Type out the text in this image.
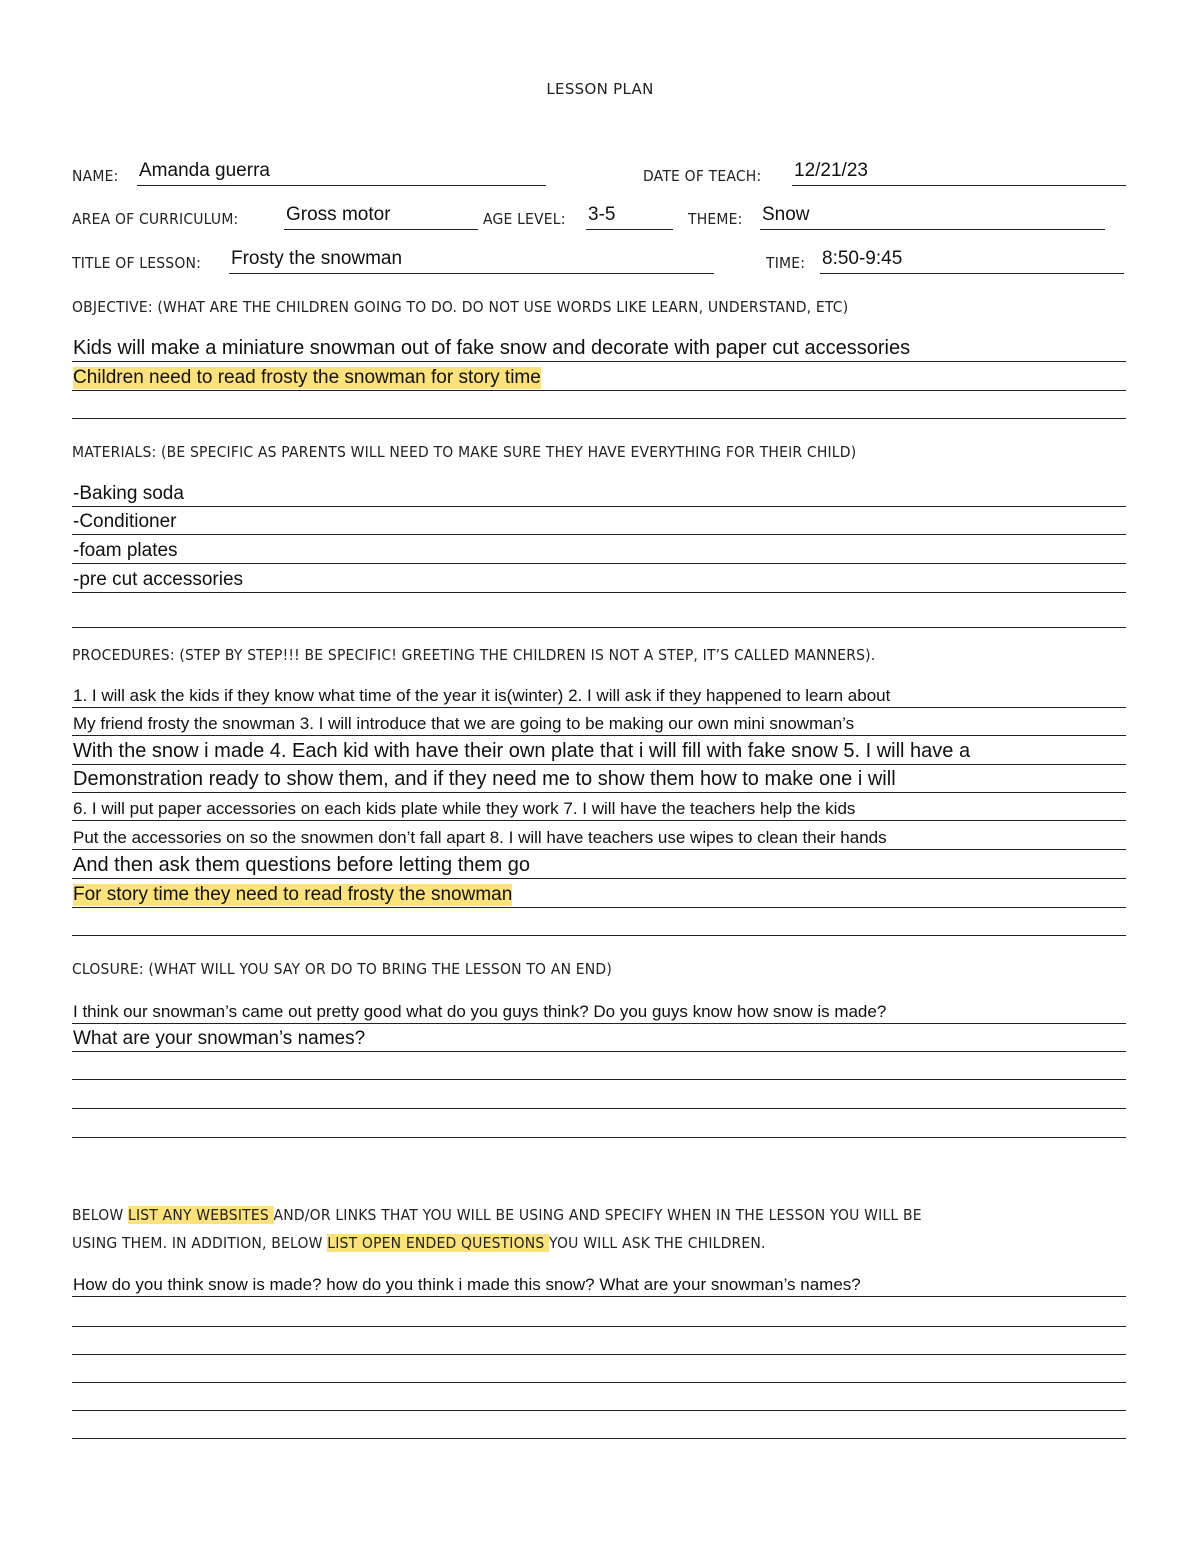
LESSON PLAN
NAME: Amanda guerra	DATE OF TEACH: 12/21/23
AREA OF CURRICULUM:	Gross motor	AGE LEVEL: 3-5	THEME: Snow
TITLE OF LESSON: Frosty the snowman	TIME: 8:50-9:45
OBJECTIVE: (WHAT ARE THE CHILDREN GOING TO DO. DO NOT USE WORDS LIKE LEARN, UNDERSTAND, ETC)
Kids will make a miniature snowman out of fake snow and decorate with paper cut accessories
Children need to read frosty the snowman for story time
MATERIALS: (BE SPECIFIC AS PARENTS WILL NEED TO MAKE SURE THEY HAVE EVERYTHING FOR THEIR CHILD)
-Baking soda
-Conditioner
-foam plates
-pre cut accessories
PROCEDURES: (STEP BY STEP!!! BE SPECIFIC! GREETING THE CHILDREN IS NOT A STEP, IT’S CALLED MANNERS).
1. I will ask the kids if they know what time of the year it is(winter) 2. I will ask if they happened to learn about
My friend frosty the snowman 3. I will introduce that we are going to be making our own mini snowman’s
With the snow i made 4. Each kid with have their own plate that i will fill with fake snow 5. I will have a
Demonstration ready to show them, and if they need me to show them how to make one i will
6. I will put paper accessories on each kids plate while they work 7. I will have the teachers help the kids
Put the accessories on so the snowmen don’t fall apart 8. I will have teachers use wipes to clean their hands
And then ask them questions before letting them go
For story time they need to read frosty the snowman
CLOSURE: (WHAT WILL YOU SAY OR DO TO BRING THE LESSON TO AN END)
I think our snowman’s came out pretty good what do you guys think? Do you guys know how snow is made?
What are your snowman’s names?
BELOW LIST ANY WEBSITES AND/OR LINKS THAT YOU WILL BE USING AND SPECIFY WHEN IN THE LESSON YOU WILL BE
USING THEM. IN ADDITION, BELOW LIST OPEN ENDED QUESTIONS YOU WILL ASK THE CHILDREN.
How do you think snow is made? how do you think i made this snow? What are your snowman’s names?
